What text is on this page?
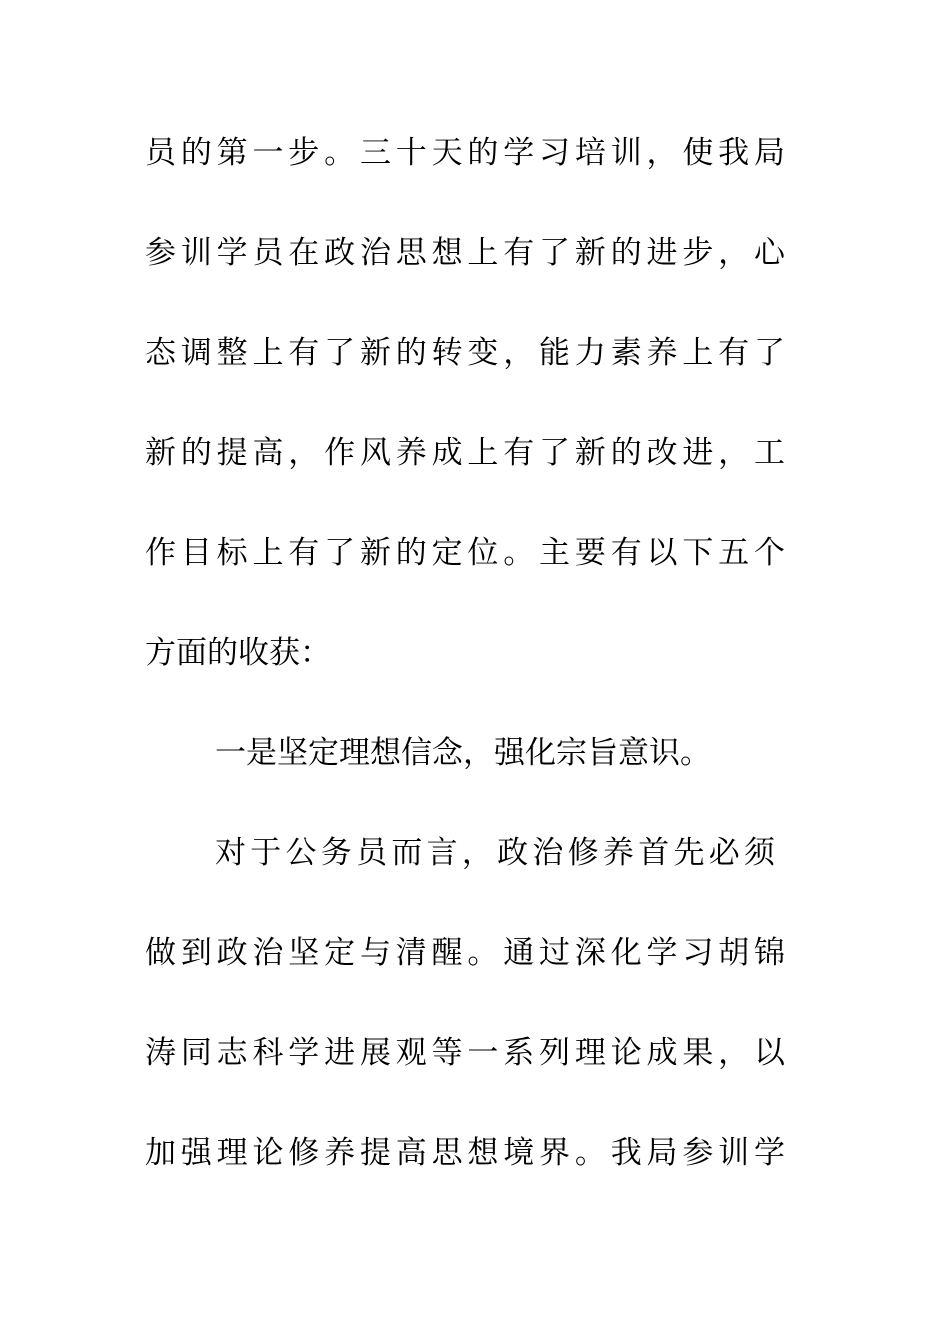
员的第一步。三十天的学习培训，使我局
参训学员在政治思想上有了新的进步，心
态调整上有了新的转变，能力素养上有了
新的提高，作风养成上有了新的改进，工
作目标上有了新的定位。主要有以下五个
方面的收获：
一是坚定理想信念，强化宗旨意识。
对于公务员而言，政治修养首先必须
做到政治坚定与清醒。通过深化学习胡锦
涛同志科学进展观等一系列理论成果，以
加强理论修养提高思想境界。我局参训学
